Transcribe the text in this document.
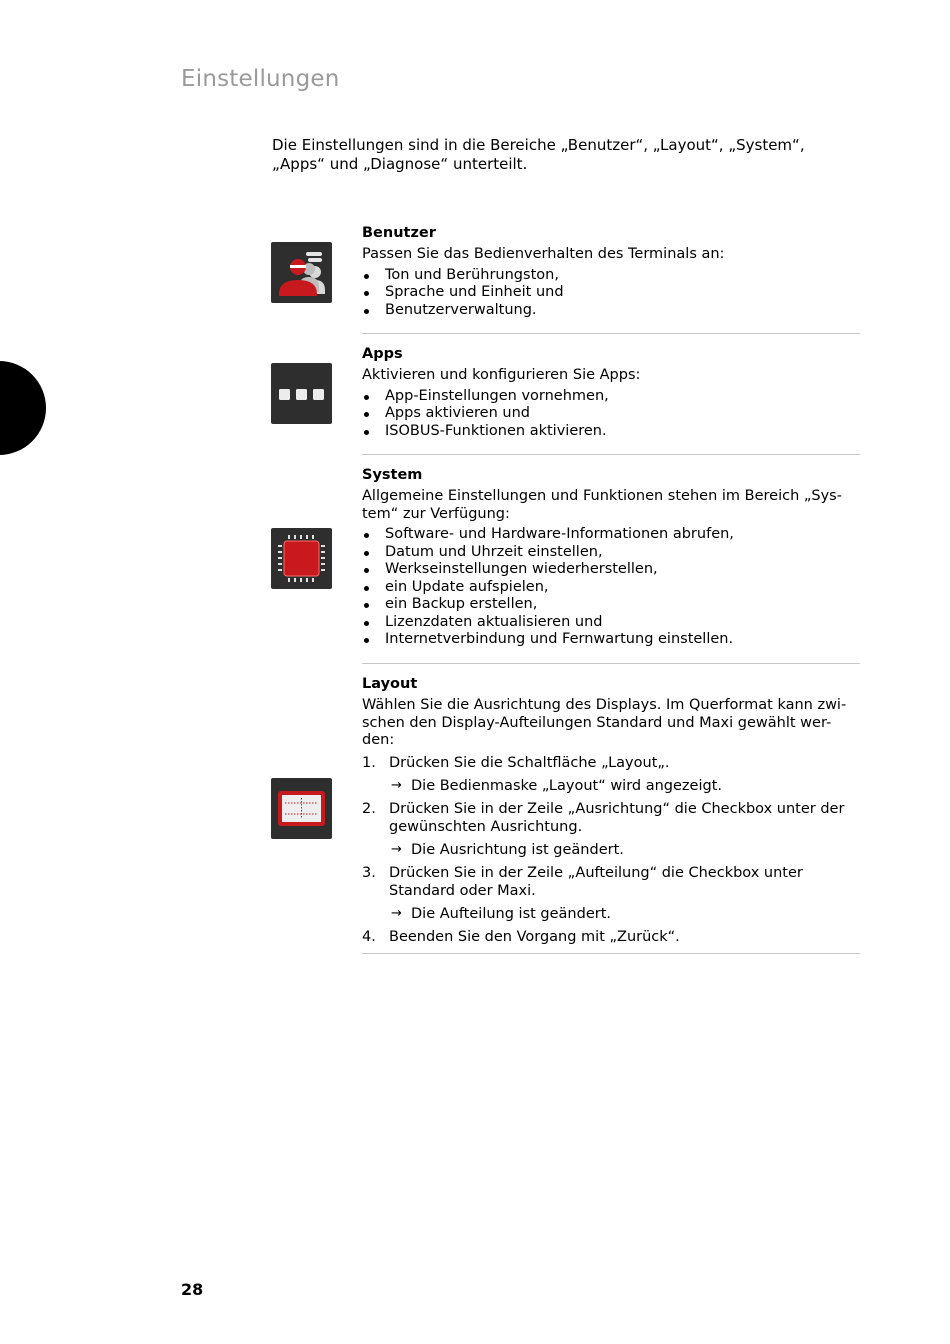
Einstellungen
Die Einstellungen sind in die Bereiche „Benutzer“, „Layout“, „System“, „Apps“ und „Diagnose“ unterteilt.
Benutzer

Passen Sie das Bedienverhalten des Terminals an:

Ton und Berührungston,
Sprache und Einheit und
Benutzerverwaltung.
Apps

Aktivieren und konfigurieren Sie Apps:

App-Einstellungen vornehmen,
Apps aktivieren und
ISOBUS-Funktionen aktivieren.
System

Allgemeine Einstellungen und Funktionen stehen im Bereich „Sys-tem“ zur Verfügung:

Software- und Hardware-Informationen abrufen,
Datum und Uhrzeit einstellen,
Werkseinstellungen wiederherstellen,
ein Update aufspielen,
ein Backup erstellen,
Lizenzdaten aktualisieren und
Internetverbindung und Fernwartung einstellen.
Layout

Wählen Sie die Ausrichtung des Displays. Im Querformat kann zwi-schen den Display-Aufteilungen Standard und Maxi gewählt wer-den:

1. Drücken Sie die Schaltfläche „Layout„.
→ Die Bedienmaske „Layout“ wird angezeigt.
2. Drücken Sie in der Zeile „Ausrichtung“ die Checkbox unter der gewünschten Ausrichtung.
→ Die Ausrichtung ist geändert.
3. Drücken Sie in der Zeile „Aufteilung“ die Checkbox unter Standard oder Maxi.
→ Die Aufteilung ist geändert.
4. Beenden Sie den Vorgang mit „Zurück“.
28
